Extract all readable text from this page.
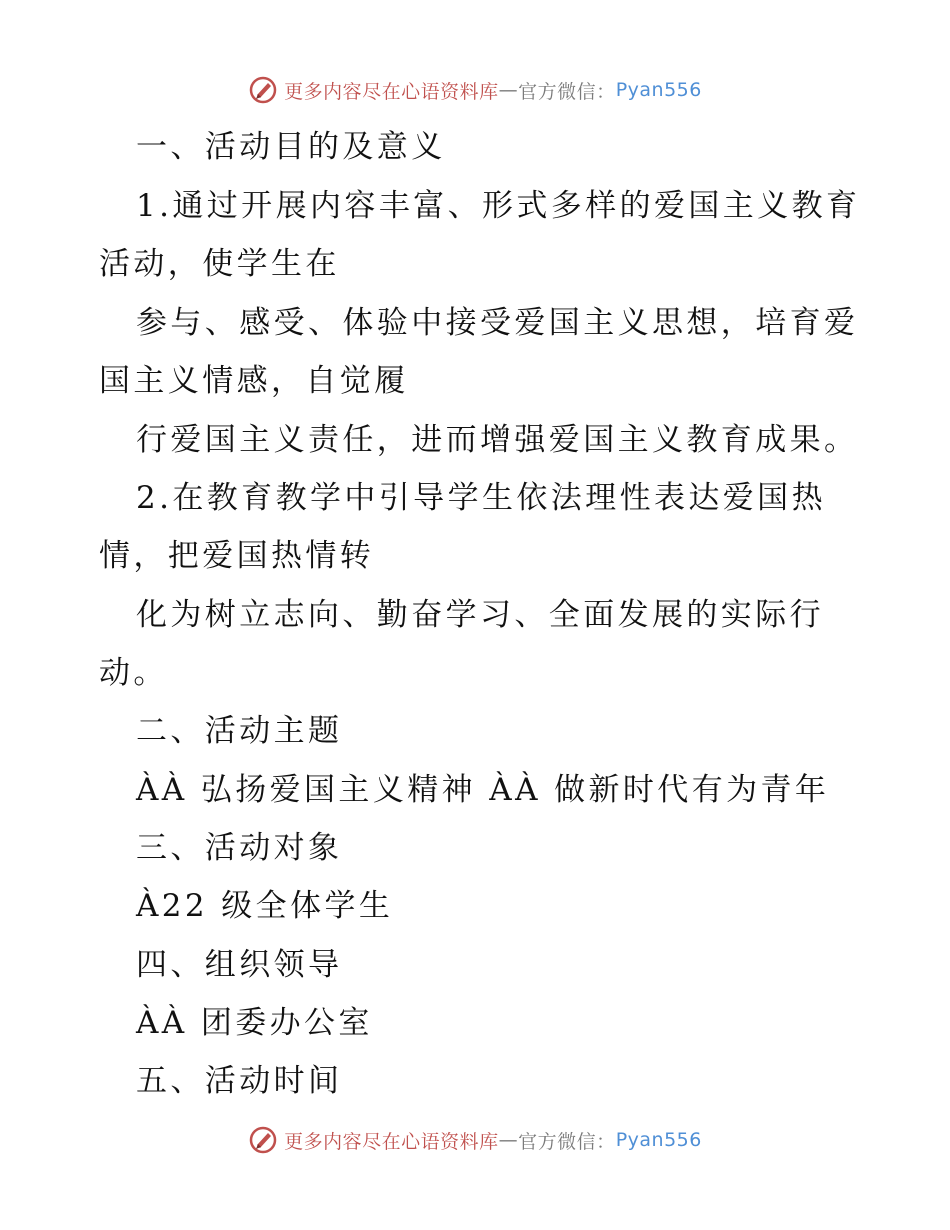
更多内容尽在心语资料库 — 官方微信： Pyan556
一、活动目的及意义
1.通过开展内容丰富、形式多样的爱国主义教育
活动，使学生在
参与、感受、体验中接受爱国主义思想，培育爱
国主义情感，自觉履
行爱国主义责任，进而增强爱国主义教育成果。
2.在教育教学中引导学生依法理性表达爱国热
情，把爱国热情转
化为树立志向、勤奋学习、全面发展的实际行
动。
二、活动主题
ÀÀ 弘扬爱国主义精神 ÀÀ 做新时代有为青年
三、活动对象
À22 级全体学生
四、组织领导
ÀÀ 团委办公室
五、活动时间
更多内容尽在心语资料库 — 官方微信： Pyan556
